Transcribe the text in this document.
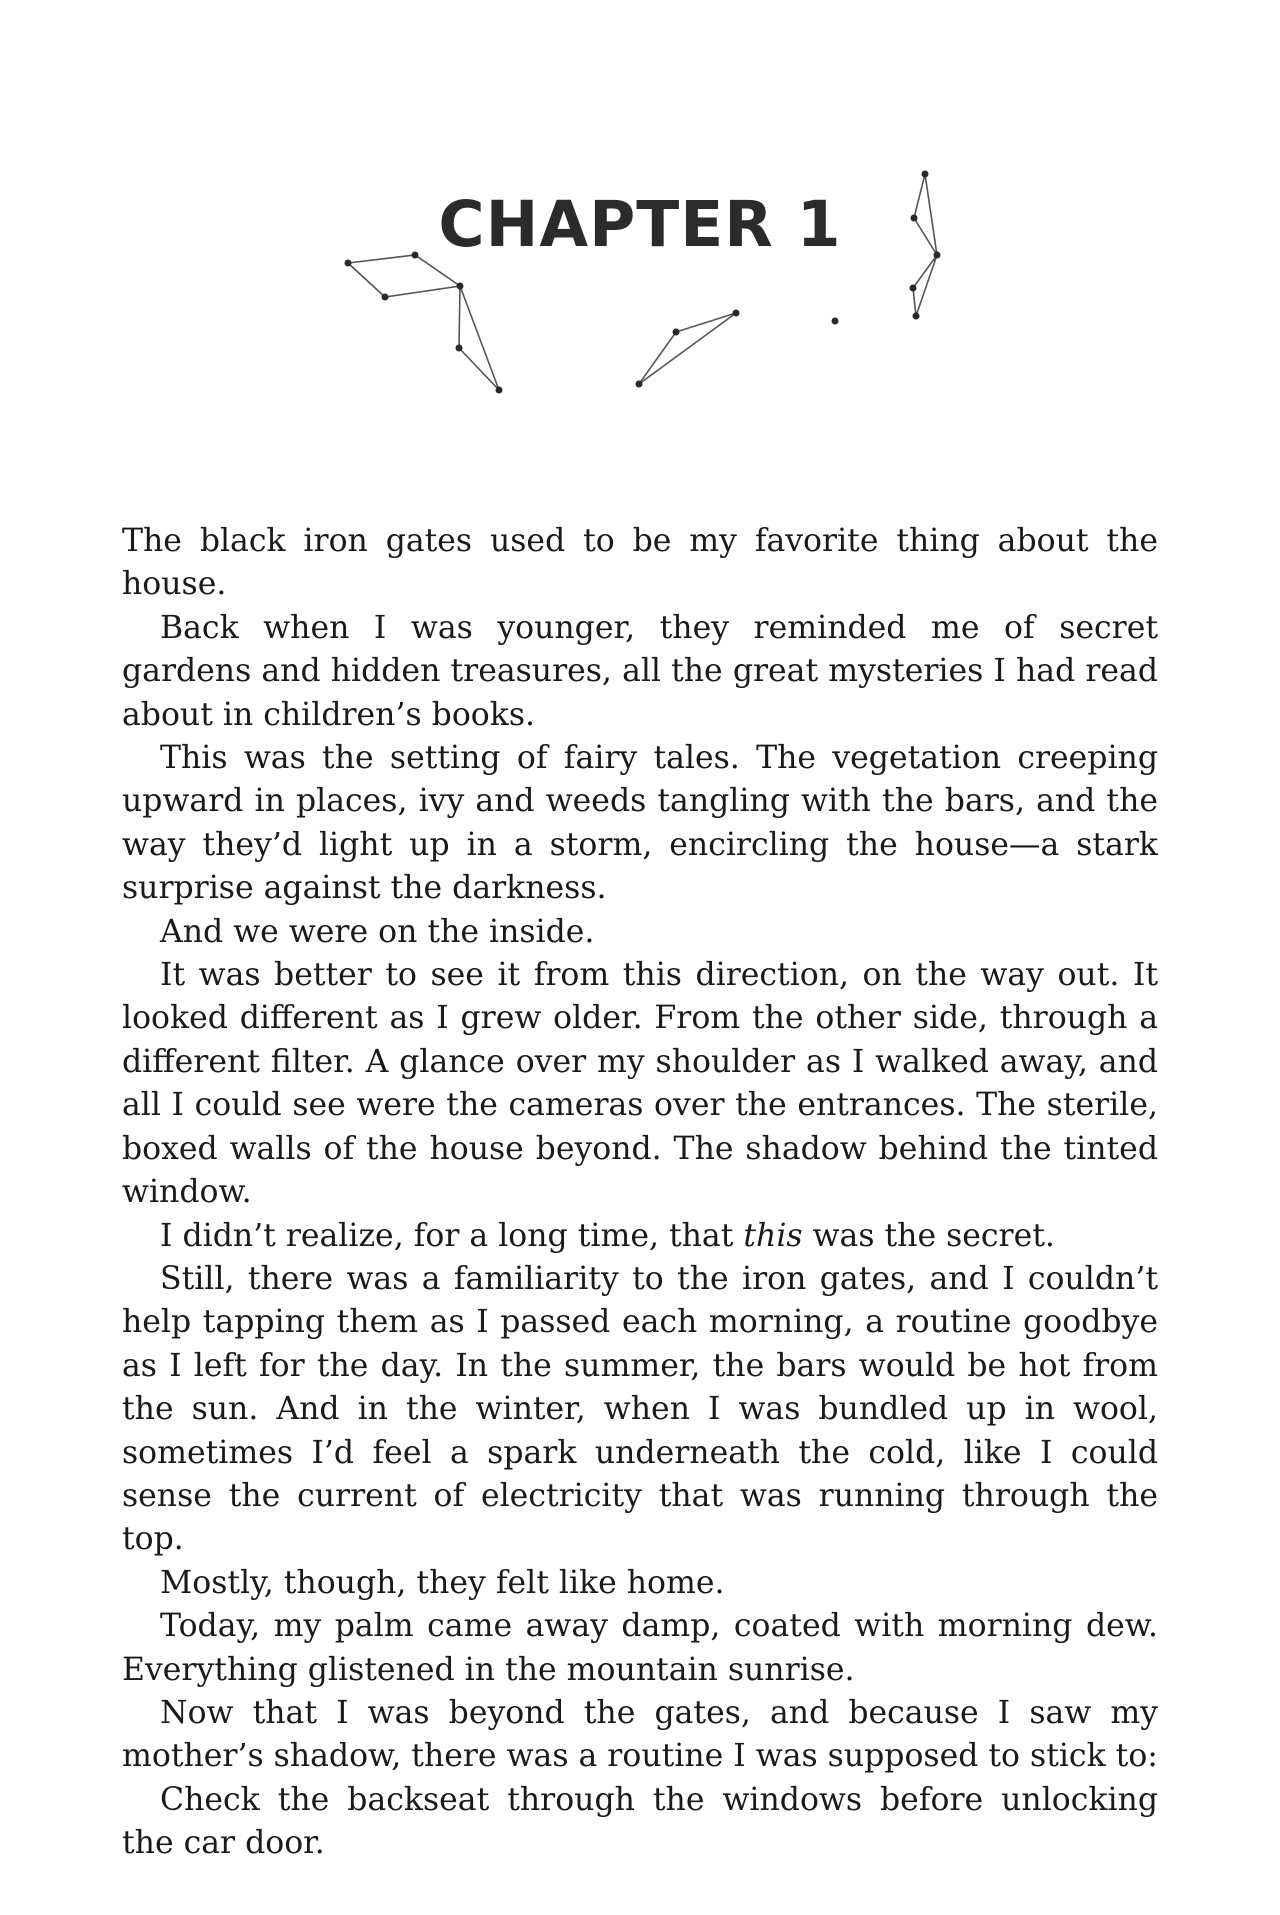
CHAPTER 1

The black iron gates used to be my favorite thing about the house.

Back when I was younger, they reminded me of secret gardens and hidden treasures, all the great mysteries I had read about in children’s books.

This was the setting of fairy tales. The vegetation creeping upward in places, ivy and weeds tangling with the bars, and the way they’d light up in a storm, encircling the house—a stark surprise against the darkness.

And we were on the inside.

It was better to see it from this direction, on the way out. It looked different as I grew older. From the other side, through a different filter. A glance over my shoulder as I walked away, and all I could see were the cameras over the entrances. The sterile, boxed walls of the house beyond. The shadow behind the tinted window.

I didn’t realize, for a long time, that this was the secret.

Still, there was a familiarity to the iron gates, and I couldn’t help tapping them as I passed each morning, a routine goodbye as I left for the day. In the summer, the bars would be hot from the sun. And in the winter, when I was bundled up in wool, sometimes I’d feel a spark underneath the cold, like I could sense the current of electricity that was running through the top.

Mostly, though, they felt like home.

Today, my palm came away damp, coated with morning dew. Everything glistened in the mountain sunrise.

Now that I was beyond the gates, and because I saw my mother’s shadow, there was a routine I was supposed to stick to:

Check the backseat through the windows before unlocking the car door.
